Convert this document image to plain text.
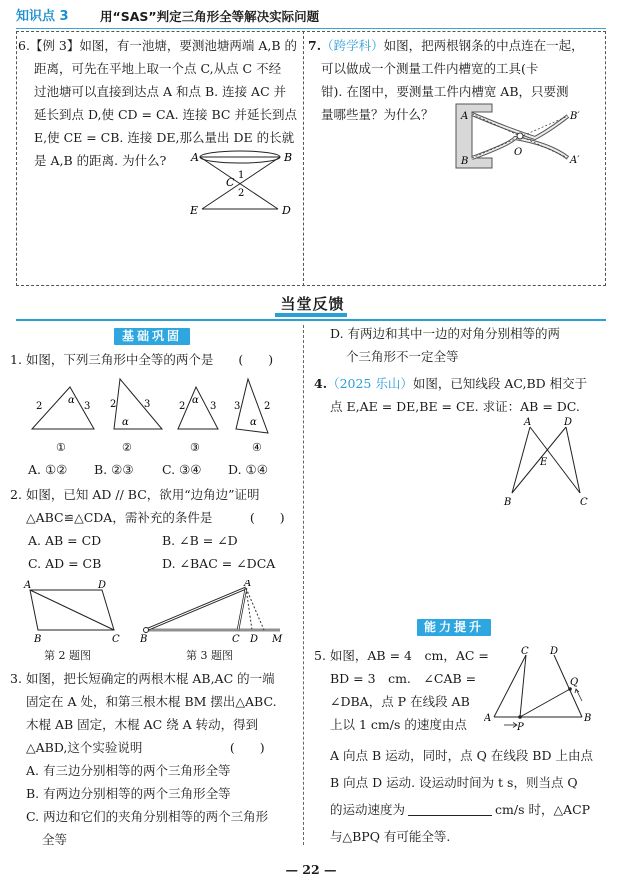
知识点 3	用“SAS”判定三角形全等解决实际问题
6.【例 3】如图，有一池塘，要测池塘两端 A,B 的
距离，可先在平地上取一个点 C,从点 C 不经
过池塘可以直接到达点 A 和点 B. 连接 AC 并
延长到点 D,使 CD = CA. 连接 BC 并延长到点
E,使 CE = CB. 连接 DE,那么量出 DE 的长就
是 A,B 的距离. 为什么? A	B
C
1
2
E	D
7.（跨学科）如图，把两根钢条的中点连在一起，
可以做成一个测量工件内槽宽的工具(卡
钳). 在图中，要测量工件内槽宽 AB，只要测
量哪些量？为什么？	A
B
O
B′
A′
当堂反馈
基础巩固
1. 如图，下列三角形中全等的两个是　　(　　)
2
α
3
①
2
α
3
②
2
α
3
③
3
α
2
④
A. ①② B. ②③ C. ③④ D. ①④
2. 如图，已知 AD // BC，欲用“边角边”证明
△ABC≌△CDA，需补充的条件是　　　(　　)
A. AB = CD	B. ∠B = ∠D
C. AD = CB	D. ∠BAC = ∠DCA
A	D
B	C
第 2 题图
B
A
C D M
第 3 题图
3. 如图，把长短确定的两根木棍 AB,AC 的一端
固定在 A 处，和第三根木棍 BM 摆出△ABC.
木棍 AB 固定，木棍 AC 绕 A 转动，得到
△ABD,这个实验说明　　　　　　　(　　)
A. 有三边分别相等的两个三角形全等
B. 有两边分别相等的两个三角形全等
C. 两边和它们的夹角分别相等的两个三角形
全等
D. 有两边和其中一边的对角分别相等的两
个三角形不一定全等
4.（2025 乐山）如图，已知线段 AC,BD 相交于
点 E,AE = DE,BE = CE. 求证：AB = DC.
A	D
E
B	C
能力提升
5. 如图，AB = 4　cm，AC =
BD = 3　cm.　∠CAB =
∠DBA，点 P 在线段 AB
上以 1 cm/s 的速度由点
A 向点 B 运动，同时，点 Q 在线段 BD 上由点
B 向点 D 运动. 设运动时间为 t s，则当点 Q
的运动速度为	cm/s 时，△ACP
与△BPQ 有可能全等.
A	B
C D
P
Q
— 22 —
